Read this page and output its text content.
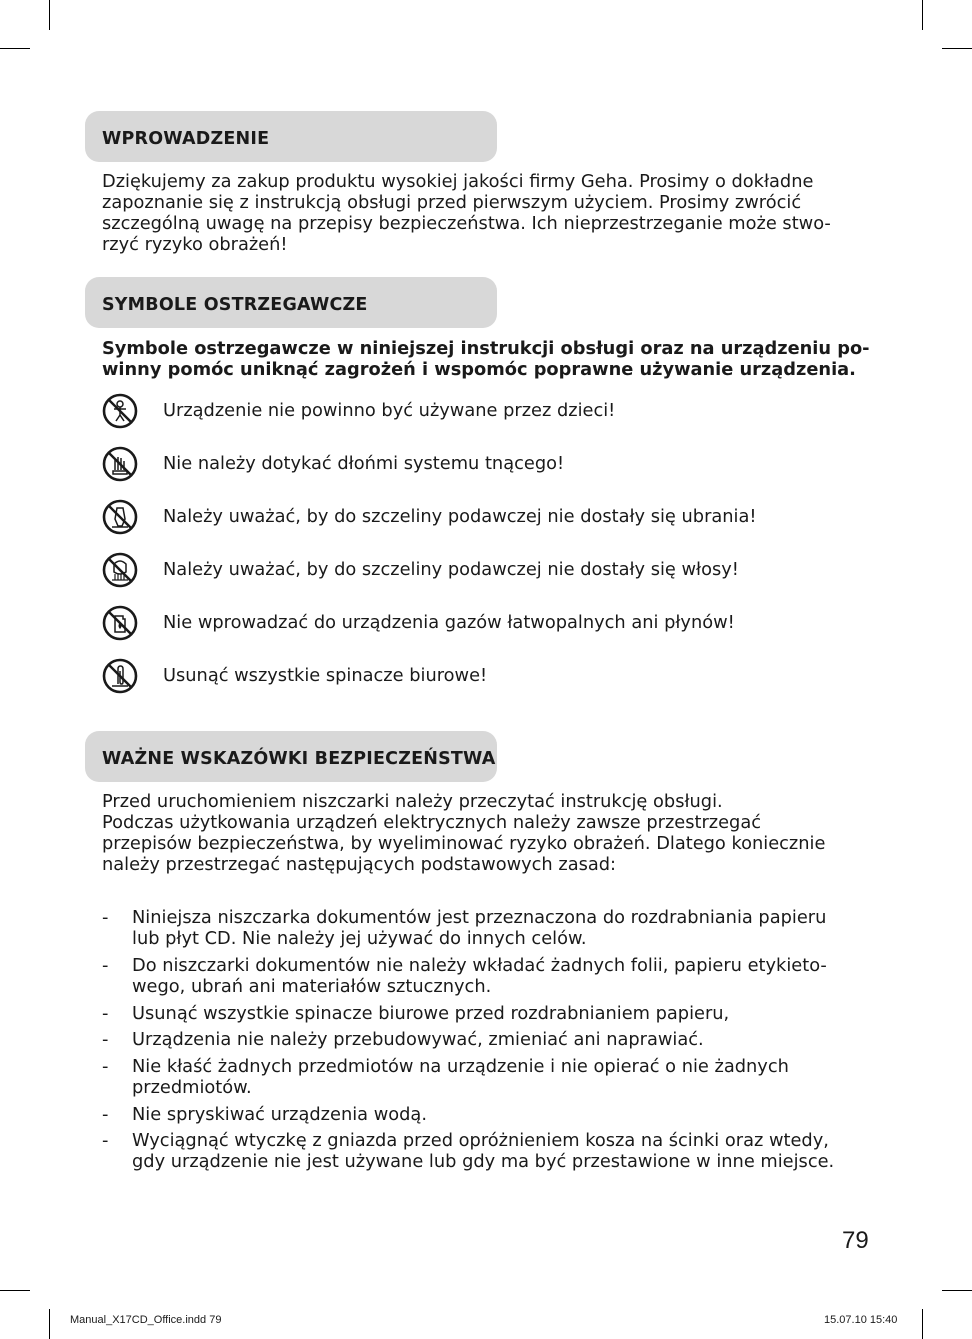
WPROWADZENIE
Dziękujemy za zakup produktu wysokiej jakości firmy Geha. Prosimy o dokładne
zapoznanie się z instrukcją obsługi przed pierwszym użyciem. Prosimy zwrócić
szczególną uwagę na przepisy bezpieczeństwa. Ich nieprzestrzeganie może stwo-
rzyć ryzyko obrażeń!
SYMBOLE OSTRZEGAWCZE
Symbole ostrzegawcze w niniejszej instrukcji obsługi oraz na urządzeniu po-
winny pomóc uniknąć zagrożeń i wspomóc poprawne używanie urządzenia.
Urządzenie nie powinno być używane przez dzieci!
Nie należy dotykać dłońmi systemu tnącego!
Należy uważać, by do szczeliny podawczej nie dostały się ubrania!
Należy uważać, by do szczeliny podawczej nie dostały się włosy!
Nie wprowadzać do urządzenia gazów łatwopalnych ani płynów!
Usunąć wszystkie spinacze biurowe!
WAŻNE WSKAZÓWKI BEZPIECZEŃSTWA
Przed uruchomieniem niszczarki należy przeczytać instrukcję obsługi.
Podczas użytkowania urządzeń elektrycznych należy zawsze przestrzegać
przepisów bezpieczeństwa, by wyeliminować ryzyko obrażeń. Dlatego koniecznie
należy przestrzegać następujących podstawowych zasad:
- Niniejsza niszczarka dokumentów jest przeznaczona do rozdrabniania papieru
lub płyt CD. Nie należy jej używać do innych celów.
- Do niszczarki dokumentów nie należy wkładać żadnych folii, papieru etykieto-
wego, ubrań ani materiałów sztucznych.
- Usunąć wszystkie spinacze biurowe przed rozdrabnianiem papieru,
- Urządzenia nie należy przebudowywać, zmieniać ani naprawiać.
- Nie kłaść żadnych przedmiotów na urządzenie i nie opierać o nie żadnych
przedmiotów.
- Nie spryskiwać urządzenia wodą.
- Wyciągnąć wtyczkę z gniazda przed opróżnieniem kosza na ścinki oraz wtedy,
gdy urządzenie nie jest używane lub gdy ma być przestawione w inne miejsce.
79
Manual_X17CD_Office.indd 79	15.07.10 15:40
